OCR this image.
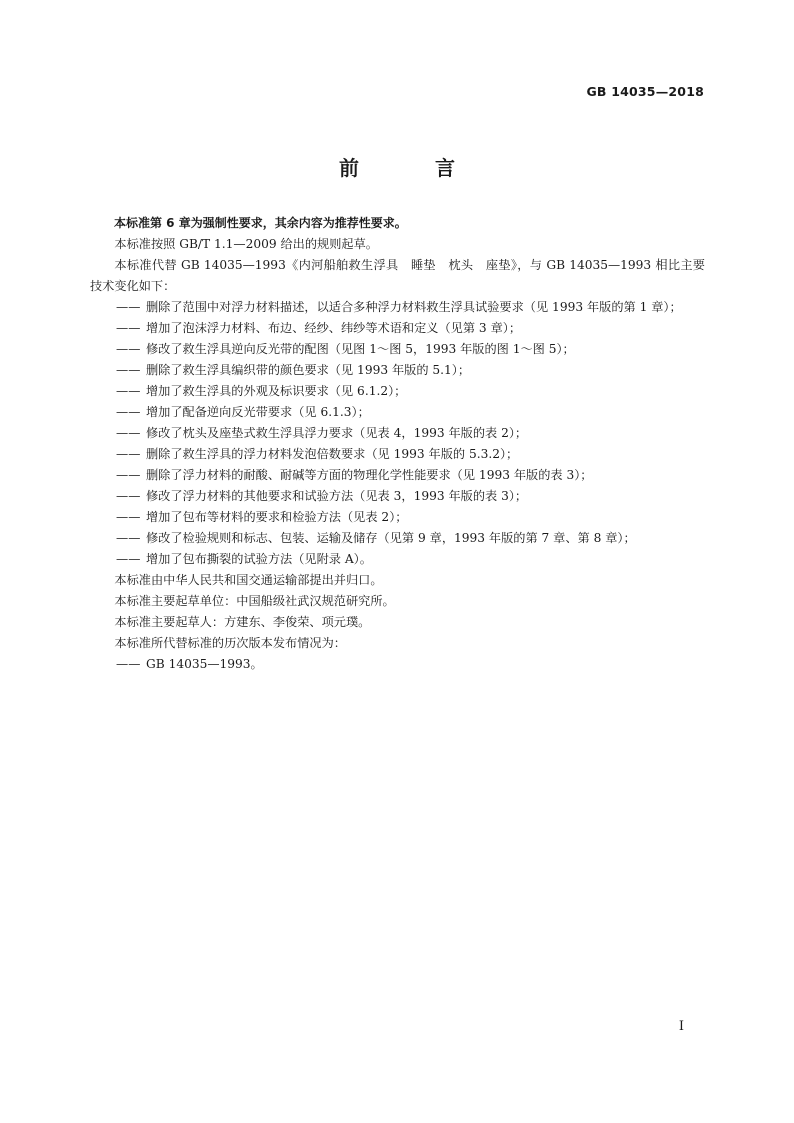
GB 14035—2018
前　言

本标准第 6 章为强制性要求，其余内容为推荐性要求。

本标准按照 GB/T 1.1—2009 给出的规则起草。

本标准代替 GB 14035—1993《内河船舶救生浮具　睡垫　枕头　座垫》，与 GB 14035—1993 相比主要技术变化如下：

—— 删除了范围中对浮力材料描述，以适合多种浮力材料救生浮具试验要求（见 1993 年版的第 1 章）；

—— 增加了泡沫浮力材料、布边、经纱、纬纱等术语和定义（见第 3 章）；

—— 修改了救生浮具逆向反光带的配图（见图 1～图 5，1993 年版的图 1～图 5）；

—— 删除了救生浮具编织带的颜色要求（见 1993 年版的 5.1）；

—— 增加了救生浮具的外观及标识要求（见 6.1.2）；

—— 增加了配备逆向反光带要求（见 6.1.3）；

—— 修改了枕头及座垫式救生浮具浮力要求（见表 4，1993 年版的表 2）；

—— 删除了救生浮具的浮力材料发泡倍数要求（见 1993 年版的 5.3.2）；

—— 删除了浮力材料的耐酸、耐碱等方面的物理化学性能要求（见 1993 年版的表 3）；

—— 修改了浮力材料的其他要求和试验方法（见表 3，1993 年版的表 3）；

—— 增加了包布等材料的要求和检验方法（见表 2）；

—— 修改了检验规则和标志、包装、运输及储存（见第 9 章，1993 年版的第 7 章、第 8 章）；

—— 增加了包布撕裂的试验方法（见附录 A）。

本标准由中华人民共和国交通运输部提出并归口。

本标准主要起草单位：中国船级社武汉规范研究所。

本标准主要起草人：方建东、李俊荣、项元璞。

本标准所代替标准的历次版本发布情况为：

—— GB 14035—1993。

I
